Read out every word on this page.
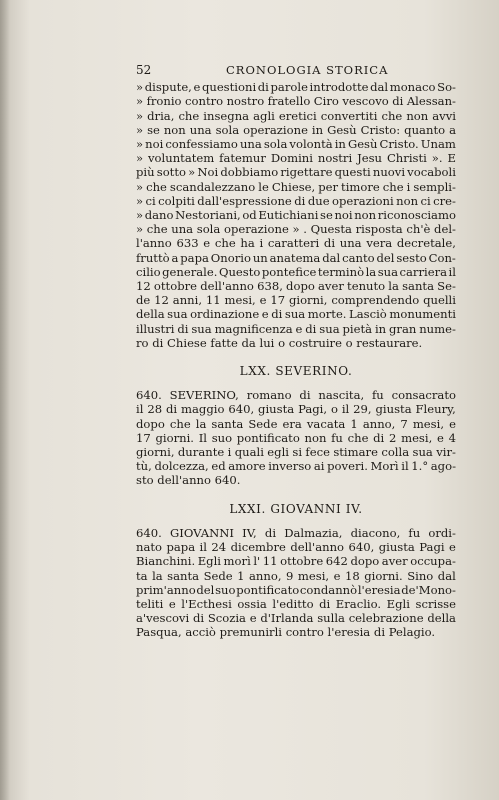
52	CRONOLOGIA STORICA
» dispute, e questioni di parole introdotte dal monaco So-
» fronio contro nostro fratello Ciro vescovo di Alessan-
» dria, che insegna agli eretici convertiti che non avvi
» se non una sola operazione in Gesù Cristo: quanto a
» noi confessiamo una sola volontà in Gesù Cristo. Unam
» voluntatem fatemur Domini nostri Jesu Christi ». E
più sotto » Noi dobbiamo rigettare questi nuovi vocaboli
» che scandalezzano le Chiese, per timore che i sempli-
» ci colpiti dall'espressione di due operazioni non ci cre-
» dano Nestoriani, od Eutichiani se noi non riconosciamo
» che una sola operazione » . Questa risposta ch'è del-
l'anno 633 e che ha i caratteri di una vera decretale,
fruttò a papa Onorio un anatema dal canto del sesto Con-
cilio generale. Questo pontefice terminò la sua carriera il
12 ottobre dell'anno 638, dopo aver tenuto la santa Se-
de 12 anni, 11 mesi, e 17 giorni, comprendendo quelli
della sua ordinazione e di sua morte. Lasciò monumenti
illustri di sua magnificenza e di sua pietà in gran nume-
ro di Chiese fatte da lui o costruire o restaurare.
LXX. SEVERINO.
640. SEVERINO, romano di nascita, fu consacrato
il 28 di maggio 640, giusta Pagi, o il 29, giusta Fleury,
dopo che la santa Sede era vacata 1 anno, 7 mesi, e
17 giorni. Il suo pontificato non fu che di 2 mesi, e 4
giorni, durante i quali egli si fece stimare colla sua vir-
tù, dolcezza, ed amore inverso ai poveri. Morì il 1.° ago-
sto dell'anno 640.
LXXI. GIOVANNI IV.
640. GIOVANNI IV, di Dalmazia, diacono, fu ordi-
nato papa il 24 dicembre dell'anno 640, giusta Pagi e
Bianchini. Egli morì l' 11 ottobre 642 dopo aver occupa-
ta la santa Sede 1 anno, 9 mesi, e 18 giorni. Sino dal
prim'anno del suo pontificato condannò l'eresia de'Mono-
teliti e l'Ecthesi ossia l'editto di Eraclio. Egli scrisse
a'vescovi di Scozia e d'Irlanda sulla celebrazione della
Pasqua, acciò premunirli contro l'eresia di Pelagio.
